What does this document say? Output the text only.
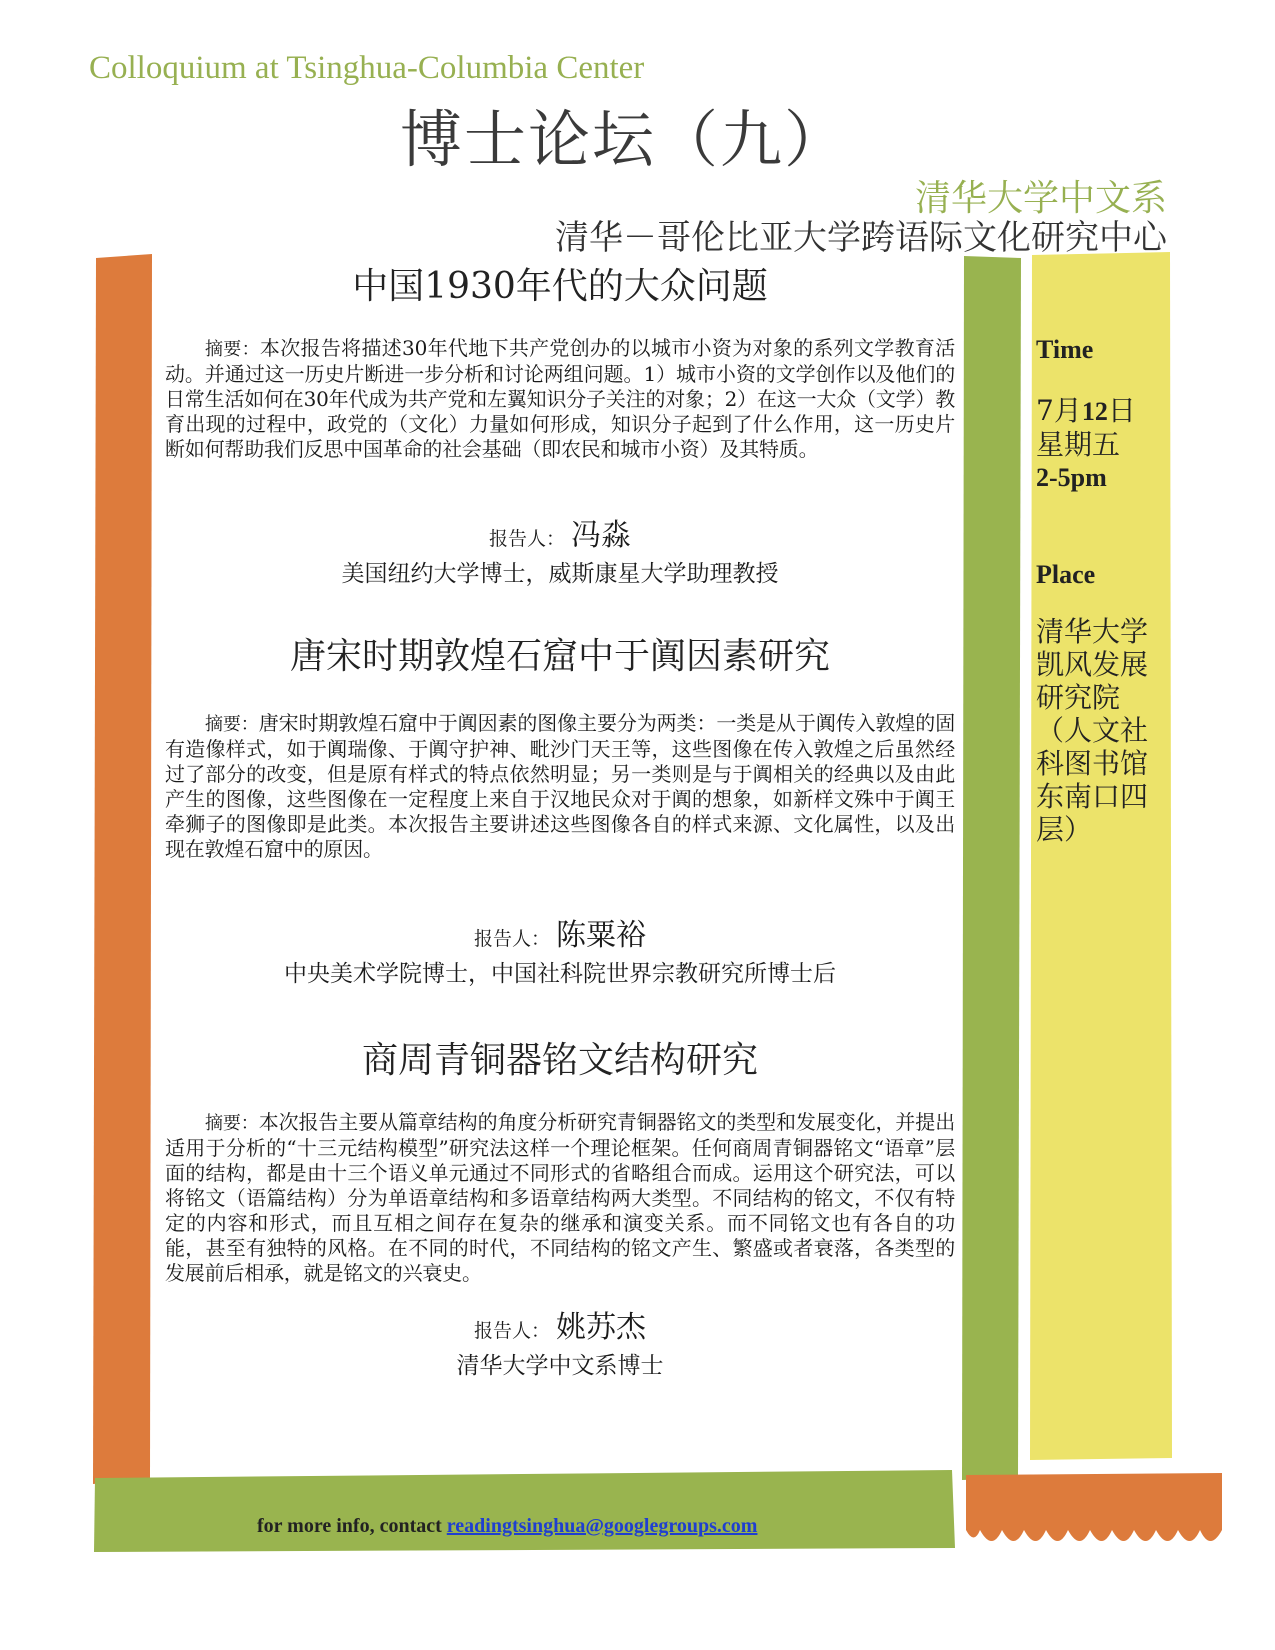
Colloquium at Tsinghua-Columbia Center
博士论坛（九）
清华大学中文系
清华－哥伦比亚大学跨语际文化研究中心
中国1930年代的大众问题
摘要：本次报告将描述30年代地下共产党创办的以城市小资为对象的系列文学教育活动。并通过这一历史片断进一步分析和讨论两组问题。1）城市小资的文学创作以及他们的日常生活如何在30年代成为共产党和左翼知识分子关注的对象；2）在这一大众（文学）教育出现的过程中，政党的（文化）力量如何形成，知识分子起到了什么作用，这一历史片断如何帮助我们反思中国革命的社会基础（即农民和城市小资）及其特质。
报告人： 冯淼
美国纽约大学博士，威斯康星大学助理教授
唐宋时期敦煌石窟中于阗因素研究
摘要：唐宋时期敦煌石窟中于阗因素的图像主要分为两类：一类是从于阗传入敦煌的固有造像样式，如于阗瑞像、于阗守护神、毗沙门天王等，这些图像在传入敦煌之后虽然经过了部分的改变，但是原有样式的特点依然明显；另一类则是与于阗相关的经典以及由此产生的图像，这些图像在一定程度上来自于汉地民众对于阗的想象，如新样文殊中于阗王牵狮子的图像即是此类。本次报告主要讲述这些图像各自的样式来源、文化属性，以及出现在敦煌石窟中的原因。
报告人： 陈粟裕
中央美术学院博士，中国社科院世界宗教研究所博士后
商周青铜器铭文结构研究
摘要：本次报告主要从篇章结构的角度分析研究青铜器铭文的类型和发展变化，并提出适用于分析的“十三元结构模型”研究法这样一个理论框架。任何商周青铜器铭文“语章”层面的结构，都是由十三个语义单元通过不同形式的省略组合而成。运用这个研究法，可以将铭文（语篇结构）分为单语章结构和多语章结构两大类型。不同结构的铭文，不仅有特定的内容和形式，而且互相之间存在复杂的继承和演变关系。而不同铭文也有各自的功能，甚至有独特的风格。在不同的时代，不同结构的铭文产生、繁盛或者衰落，各类型的发展前后相承，就是铭文的兴衰史。
报告人： 姚苏杰
清华大学中文系博士
Time
7月12日
星期五
2-5pm
Place
清华大学凯风发展研究院（人文社科图书馆东南口四层）
for more info, contact readingtsinghua@googlegroups.com
